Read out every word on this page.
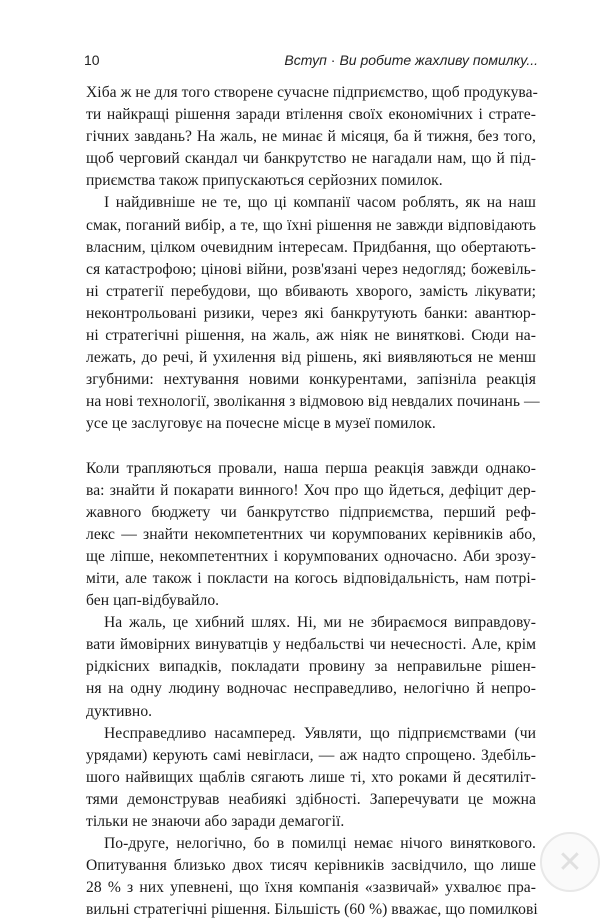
10	Вступ · Ви робите жахливу помилку...
Хіба ж не для того створене сучасне підприємство, щоб продукува-
ти найкращі рішення заради втілення своїх економічних і страте-
гічних завдань? На жаль, не минає й місяця, ба й тижня, без того,
щоб черговий скандал чи банкрутство не нагадали нам, що й під-
приємства також припускаються серйозних помилок.
І найдивніше не те, що ці компанії часом роблять, як на наш
смак, поганий вибір, а те, що їхні рішення не завжди відповідають
власним, цілком очевидним інтересам. Придбання, що обертають-
ся катастрофою; цінові війни, розв'язані через недогляд; божевіль-
ні стратегії перебудови, що вбивають хворого, замість лікувати;
неконтрольовані ризики, через які банкрутують банки: авантюр-
ні стратегічні рішення, на жаль, аж ніяк не виняткові. Сюди на-
лежать, до речі, й ухилення від рішень, які виявляються не менш
згубними: нехтування новими конкурентами, запізніла реакція
на нові технології, зволікання з відмовою від невдалих починань —
усе це заслуговує на почесне місце в музеї помилок.
Коли трапляються провали, наша перша реакція завжди однако-
ва: знайти й покарати винного! Хоч про що йдеться, дефіцит дер-
жавного бюджету чи банкрутство підприємства, перший реф-
лекс — знайти некомпетентних чи корумпованих керівників або,
ще ліпше, некомпетентних і корумпованих одночасно. Аби зрозу-
міти, але також і покласти на когось відповідальність, нам потрі-
бен цап-відбувайло.
На жаль, це хибний шлях. Ні, ми не збираємося виправдову-
вати ймовірних винуватців у недбальстві чи нечесності. Але, крім
рідкісних випадків, покладати провину за неправильне рішен-
ня на одну людину водночас несправедливо, нелогічно й непро-
дуктивно.
Несправедливо насамперед. Уявляти, що підприємствами (чи
урядами) керують самі невігласи, — аж надто спрощено. Здебіль-
шого найвищих щаблів сягають лише ті, хто роками й десятиліт-
тями демонстрував неабиякі здібності. Заперечувати це можна
тільки не знаючи або заради демагогії.
По-друге, нелогічно, бо в помилці немає нічого виняткового.
Опитування близько двох тисяч керівників засвідчило, що лише
28 % з них упевнені, що їхня компанія «зазвичай» ухвалює пра-
вильні стратегічні рішення. Більшість (60 %) вважає, що помилкові
✕
